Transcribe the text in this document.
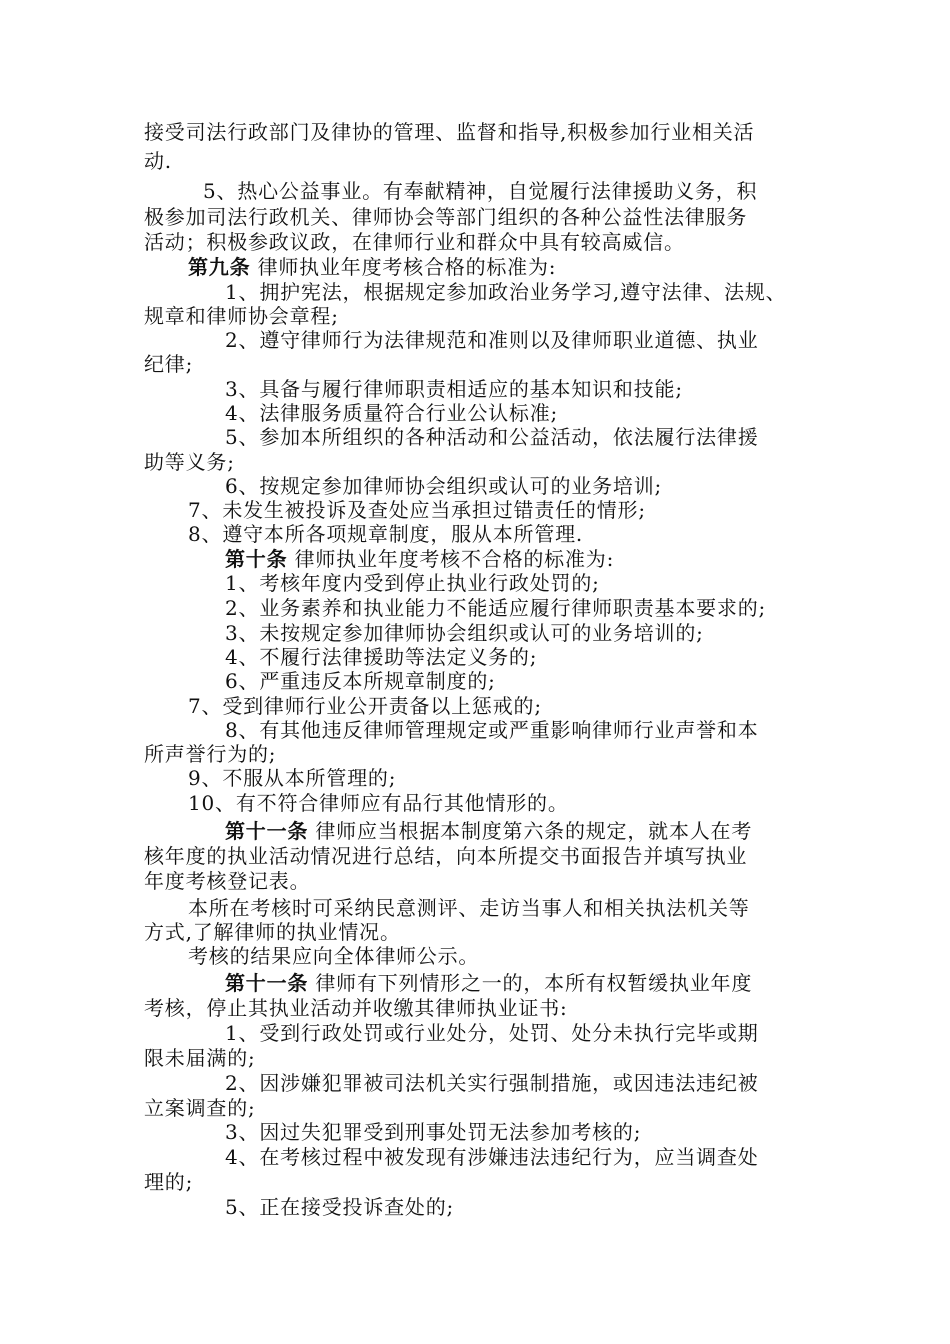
接受司法行政部门及律协的管理、监督和指导,积极参加行业相关活
动.
5、热心公益事业。有奉献精神，自觉履行法律援助义务，积
极参加司法行政机关、律师协会等部门组织的各种公益性法律服务
活动；积极参政议政，在律师行业和群众中具有较高威信。
第九条 律师执业年度考核合格的标准为:
1、拥护宪法，根据规定参加政治业务学习,遵守法律、法规、
规章和律师协会章程;
2、遵守律师行为法律规范和准则以及律师职业道德、执业
纪律;
3、具备与履行律师职责相适应的基本知识和技能;
4、法律服务质量符合行业公认标准;
5、参加本所组织的各种活动和公益活动，依法履行法律援
助等义务;
6、按规定参加律师协会组织或认可的业务培训;
7、未发生被投诉及查处应当承担过错责任的情形;
8、遵守本所各项规章制度，服从本所管理.
第十条 律师执业年度考核不合格的标准为:
1、考核年度内受到停止执业行政处罚的;
2、业务素养和执业能力不能适应履行律师职责基本要求的;
3、未按规定参加律师协会组织或认可的业务培训的;
4、不履行法律援助等法定义务的;
6、严重违反本所规章制度的;
7、受到律师行业公开责备以上惩戒的;
8、有其他违反律师管理规定或严重影响律师行业声誉和本
所声誉行为的;
9、不服从本所管理的;
10、有不符合律师应有品行其他情形的。
第十一条 律师应当根据本制度第六条的规定，就本人在考
核年度的执业活动情况进行总结，向本所提交书面报告并填写执业
年度考核登记表。
本所在考核时可采纳民意测评、走访当事人和相关执法机关等
方式,了解律师的执业情况。
考核的结果应向全体律师公示。
第十一条 律师有下列情形之一的，本所有权暂缓执业年度
考核，停止其执业活动并收缴其律师执业证书:
1、受到行政处罚或行业处分，处罚、处分未执行完毕或期
限未届满的;
2、因涉嫌犯罪被司法机关实行强制措施，或因违法违纪被
立案调查的;
3、因过失犯罪受到刑事处罚无法参加考核的;
4、在考核过程中被发现有涉嫌违法违纪行为，应当调查处
理的;
5、正在接受投诉查处的;
